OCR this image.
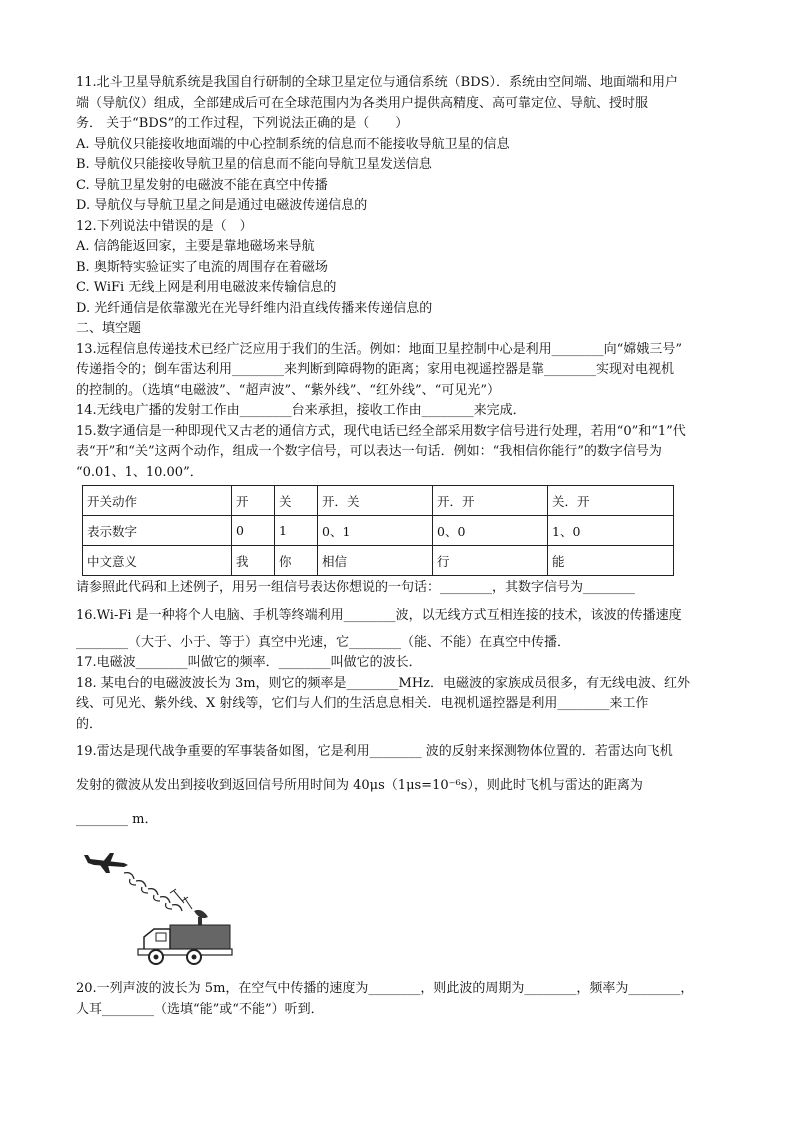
11.北斗卫星导航系统是我国自行研制的全球卫星定位与通信系统（BDS）．系统由空间端、地面端和用户

端（导航仪）组成，全部建成后可在全球范围内为各类用户提供高精度、高可靠定位、导航、授时服

务． 关于“BDS”的工作过程，下列说法正确的是（　　）

A. 导航仪只能接收地面端的中心控制系统的信息而不能接收导航卫星的信息

B. 导航仪只能接收导航卫星的信息而不能向导航卫星发送信息

C. 导航卫星发射的电磁波不能在真空中传播

D. 导航仪与导航卫星之间是通过电磁波传递信息的

12.下列说法中错误的是（　）

A. 信鸽能返回家，主要是靠地磁场来导航

B. 奥斯特实验证实了电流的周围存在着磁场

C. WiFi 无线上网是利用电磁波来传输信息的

D. 光纤通信是依靠激光在光导纤维内沿直线传播来传递信息的

二、填空题

13.远程信息传递技术已经广泛应用于我们的生活。例如：地面卫星控制中心是利用________向“嫦娥三号”

传递指令的；倒车雷达利用________来判断到障碍物的距离；家用电视遥控器是靠________实现对电视机

的控制的。（选填“电磁波”、“超声波”、“紫外线”、“红外线”、“可见光”）

14.无线电广播的发射工作由________台来承担，接收工作由________来完成．

15.数字通信是一种即现代又古老的通信方式，现代电话已经全部采用数字信号进行处理，若用“0”和“1”代

表“开”和“关”这两个动作，组成一个数字信号，可以表达一句话．例如：“我相信你能行”的数字信号为

“0.01、1、10.00”．

开关动作	开	关	开．关	开．开	关．开
表示数字	0	1	0、1	0、0	1、0
中文意义	我	你	相信	行	能

请参照此代码和上述例子，用另一组信号表达你想说的一句话：________，其数字信号为________

16.Wi-Fi 是一种将个人电脑、手机等终端利用________波，以无线方式互相连接的技术，该波的传播速度

________（大于、小于、等于）真空中光速，它________（能、不能）在真空中传播．

17.电磁波________叫做它的频率．________叫做它的波长．

18. 某电台的电磁波波长为 3m，则它的频率是________MHz．电磁波的家族成员很多，有无线电波、红外

线、可见光、紫外线、X 射线等，它们与人们的生活息息相关．电视机遥控器是利用________来工作

的．

19.雷达是现代战争重要的军事装备如图，它是利用________ 波的反射来探测物体位置的．若雷达向飞机

发射的微波从发出到接收到返回信号所用时间为 40μs（1μs=10⁻⁶s），则此时飞机与雷达的距离为

________ m．

20.一列声波的波长为 5m，在空气中传播的速度为________，则此波的周期为________，频率为________，

人耳________（选填“能”或“不能”）听到．
